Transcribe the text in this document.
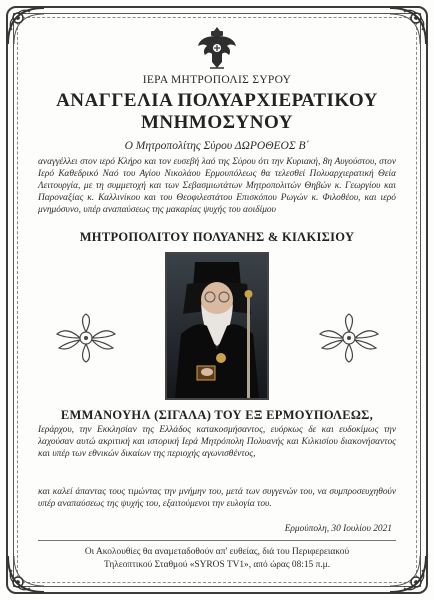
ΙΕΡΑ ΜΗΤΡΟΠΟΛΙΣ ΣΥΡΟΥ
ΑΝΑΓΓΕΛΙΑ ΠΟΛΥΑΡΧΙΕΡΑΤΙΚΟΥ
ΜΝΗΜΟΣΥΝΟΥ
Ο Μητροπολίτης Σύρου ΔΩΡΟΘΕΟΣ Β΄
αναγγέλλει στον ιερό Κλήρο και τον ευσεβή λαό της Σύρου ότι την Κυριακή, 8η Αυγούστου, στον Ιερό Καθεδρικό Ναό του Αγίου Νικολάου Ερμουπόλεως θα τελεσθεί Πολυαρχιερατική Θεία Λειτουργία, με τη συμμετοχή και των Σεβασμιωτάτων Μητροπολιτών Θηβών κ. Γεωργίου και Παροναξίας κ. Καλλινίκου και του Θεοφιλεστάτου Επισκόπου Ρωγών κ. Φιλοθέου, και ιερό μνημόσυνο, υπέρ αναπαύσεως της μακαρίας ψυχής του αοιδίμου
ΜΗΤΡΟΠΟΛΙΤΟΥ ΠΟΛΥΑΝΗΣ & ΚΙΛΚΙΣΙΟΥ
ΕΜΜΑΝΟΥΗΛ (ΣΙΓΑΛΑ) ΤΟΥ ΕΞ ΕΡΜΟΥΠΟΛΕΩΣ,
Ιεράρχου, την Εκκλησίαν της Ελλάδος κατακοσμήσαντος, ευόρκως δε και ευδοκίμως την λαχούσαν αυτώ ακριτική και ιστορική Ιερά Μητρόπολη Πολυανής και Κιλκισίου διακονήσαντος και υπέρ των εθνικών δικαίων της περιοχής αγωνισθέντος,
και καλεί άπαντας τους τιμώντας την μνήμην του, μετά των συγγενών του, να συμπροσευχηθούν υπέρ αναπαύσεως της ψυχής του, εξαιτούμενοι την ευλογία του.
Ερμούπολη, 30 Ιουλίου 2021
Οι Ακολουθίες θα αναμεταδοθούν απ' ευθείας, διά του Περιφερειακού
Τηλεοπτικού Σταθμού «SYROS TV1», από ώρας 08:15 π.μ.
